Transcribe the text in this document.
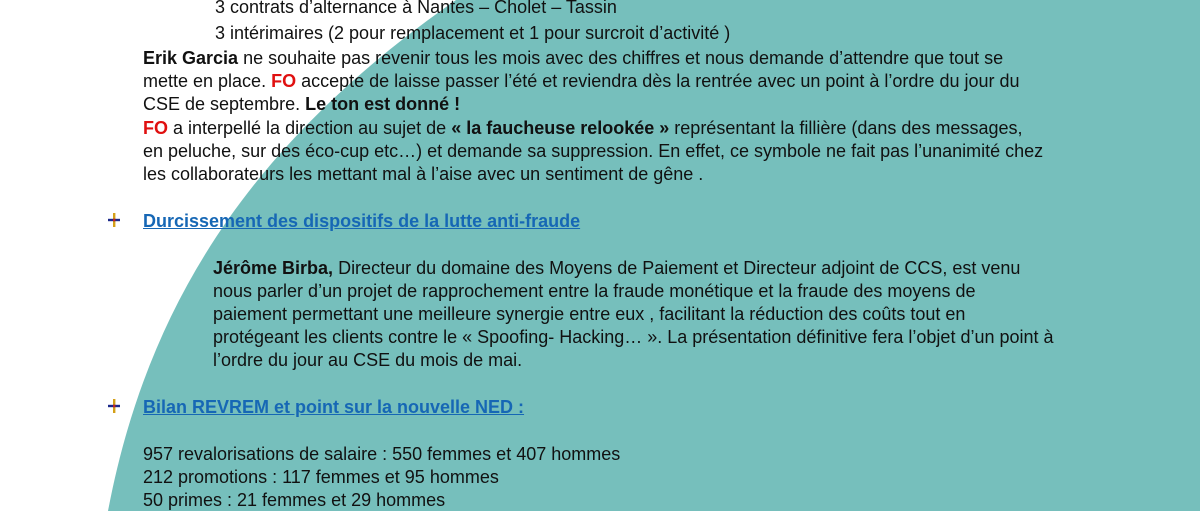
3 contrats d’alternance à Nantes – Cholet – Tassin
3 intérimaires (2 pour remplacement et 1 pour surcroit d’activité )
Erik Garcia ne souhaite pas revenir tous les mois avec des chiffres et nous demande d’attendre que tout se
mette en place. FO accepte de laisse passer l’été et reviendra dès la rentrée avec un point à l’ordre du jour du
CSE de septembre. Le ton est donné !
FO a interpellé la direction au sujet de « la faucheuse relookée » représentant la fillière (dans des messages,
en peluche, sur des éco-cup etc…) et demande sa suppression. En effet, ce symbole ne fait pas l’unanimité chez
les collaborateurs les mettant mal à l’aise avec un sentiment de gêne .
Durcissement des dispositifs de la lutte anti-fraude
Jérôme Birba, Directeur du domaine des Moyens de Paiement et Directeur adjoint de CCS, est venu
nous parler d’un projet de rapprochement entre la fraude monétique et la fraude des moyens de
paiement permettant une meilleure synergie entre eux , facilitant la réduction des coûts tout en
protégeant les clients contre le « Spoofing- Hacking… ». La présentation définitive fera l’objet d’un point à
l’ordre du jour au CSE du mois de mai.
Bilan REVREM et point sur la nouvelle NED :
957 revalorisations de salaire : 550 femmes et 407 hommes
212 promotions : 117 femmes et 95 hommes
50 primes : 21 femmes et 29 hommes
